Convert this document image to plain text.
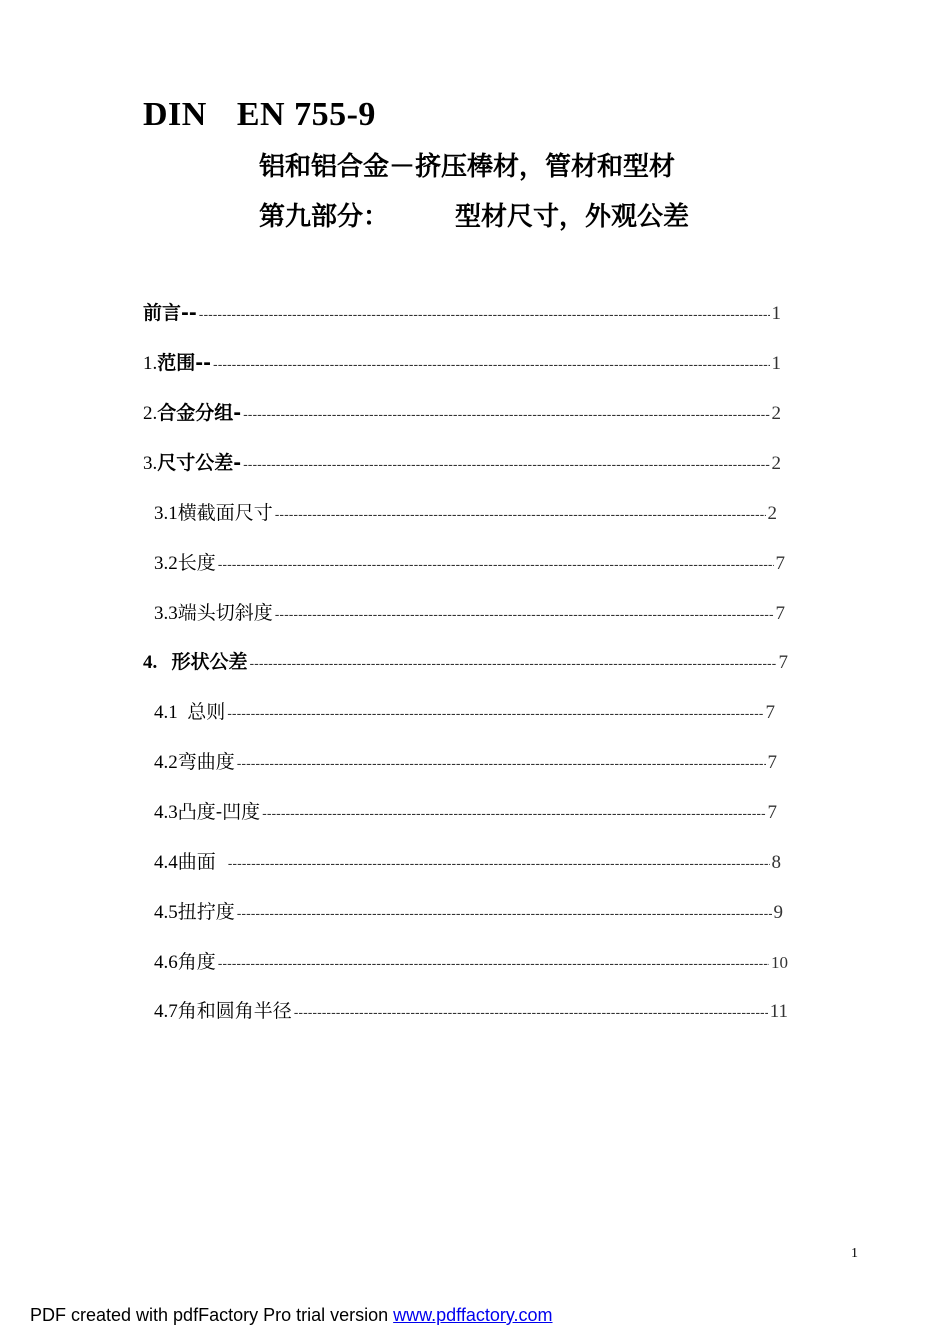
DIN EN 755-9
铝和铝合金－挤压棒材，管材和型材
第九部分：	型材尺寸，外观公差
前言-- -----	1
1. 范围-- -----	1
2. 合金分组- -----	2
3. 尺寸公差- -----	2
3.1 横截面尺寸 -----	2
3.2 长度 -----	7
3.3 端头切斜度 -----	7
4. 形状公差 -----	7
4.1 总则 -----	7
4.2 弯曲度 -----	7
4.3 凸度-凹度 -----	7
4.4 曲面 -----	8
4.5 扭拧度 -----	9
4.6 角度 -----	10
4.7 角和圆角半径 -----	11
1
PDF created with pdfFactory Pro trial version www.pdffactory.com
